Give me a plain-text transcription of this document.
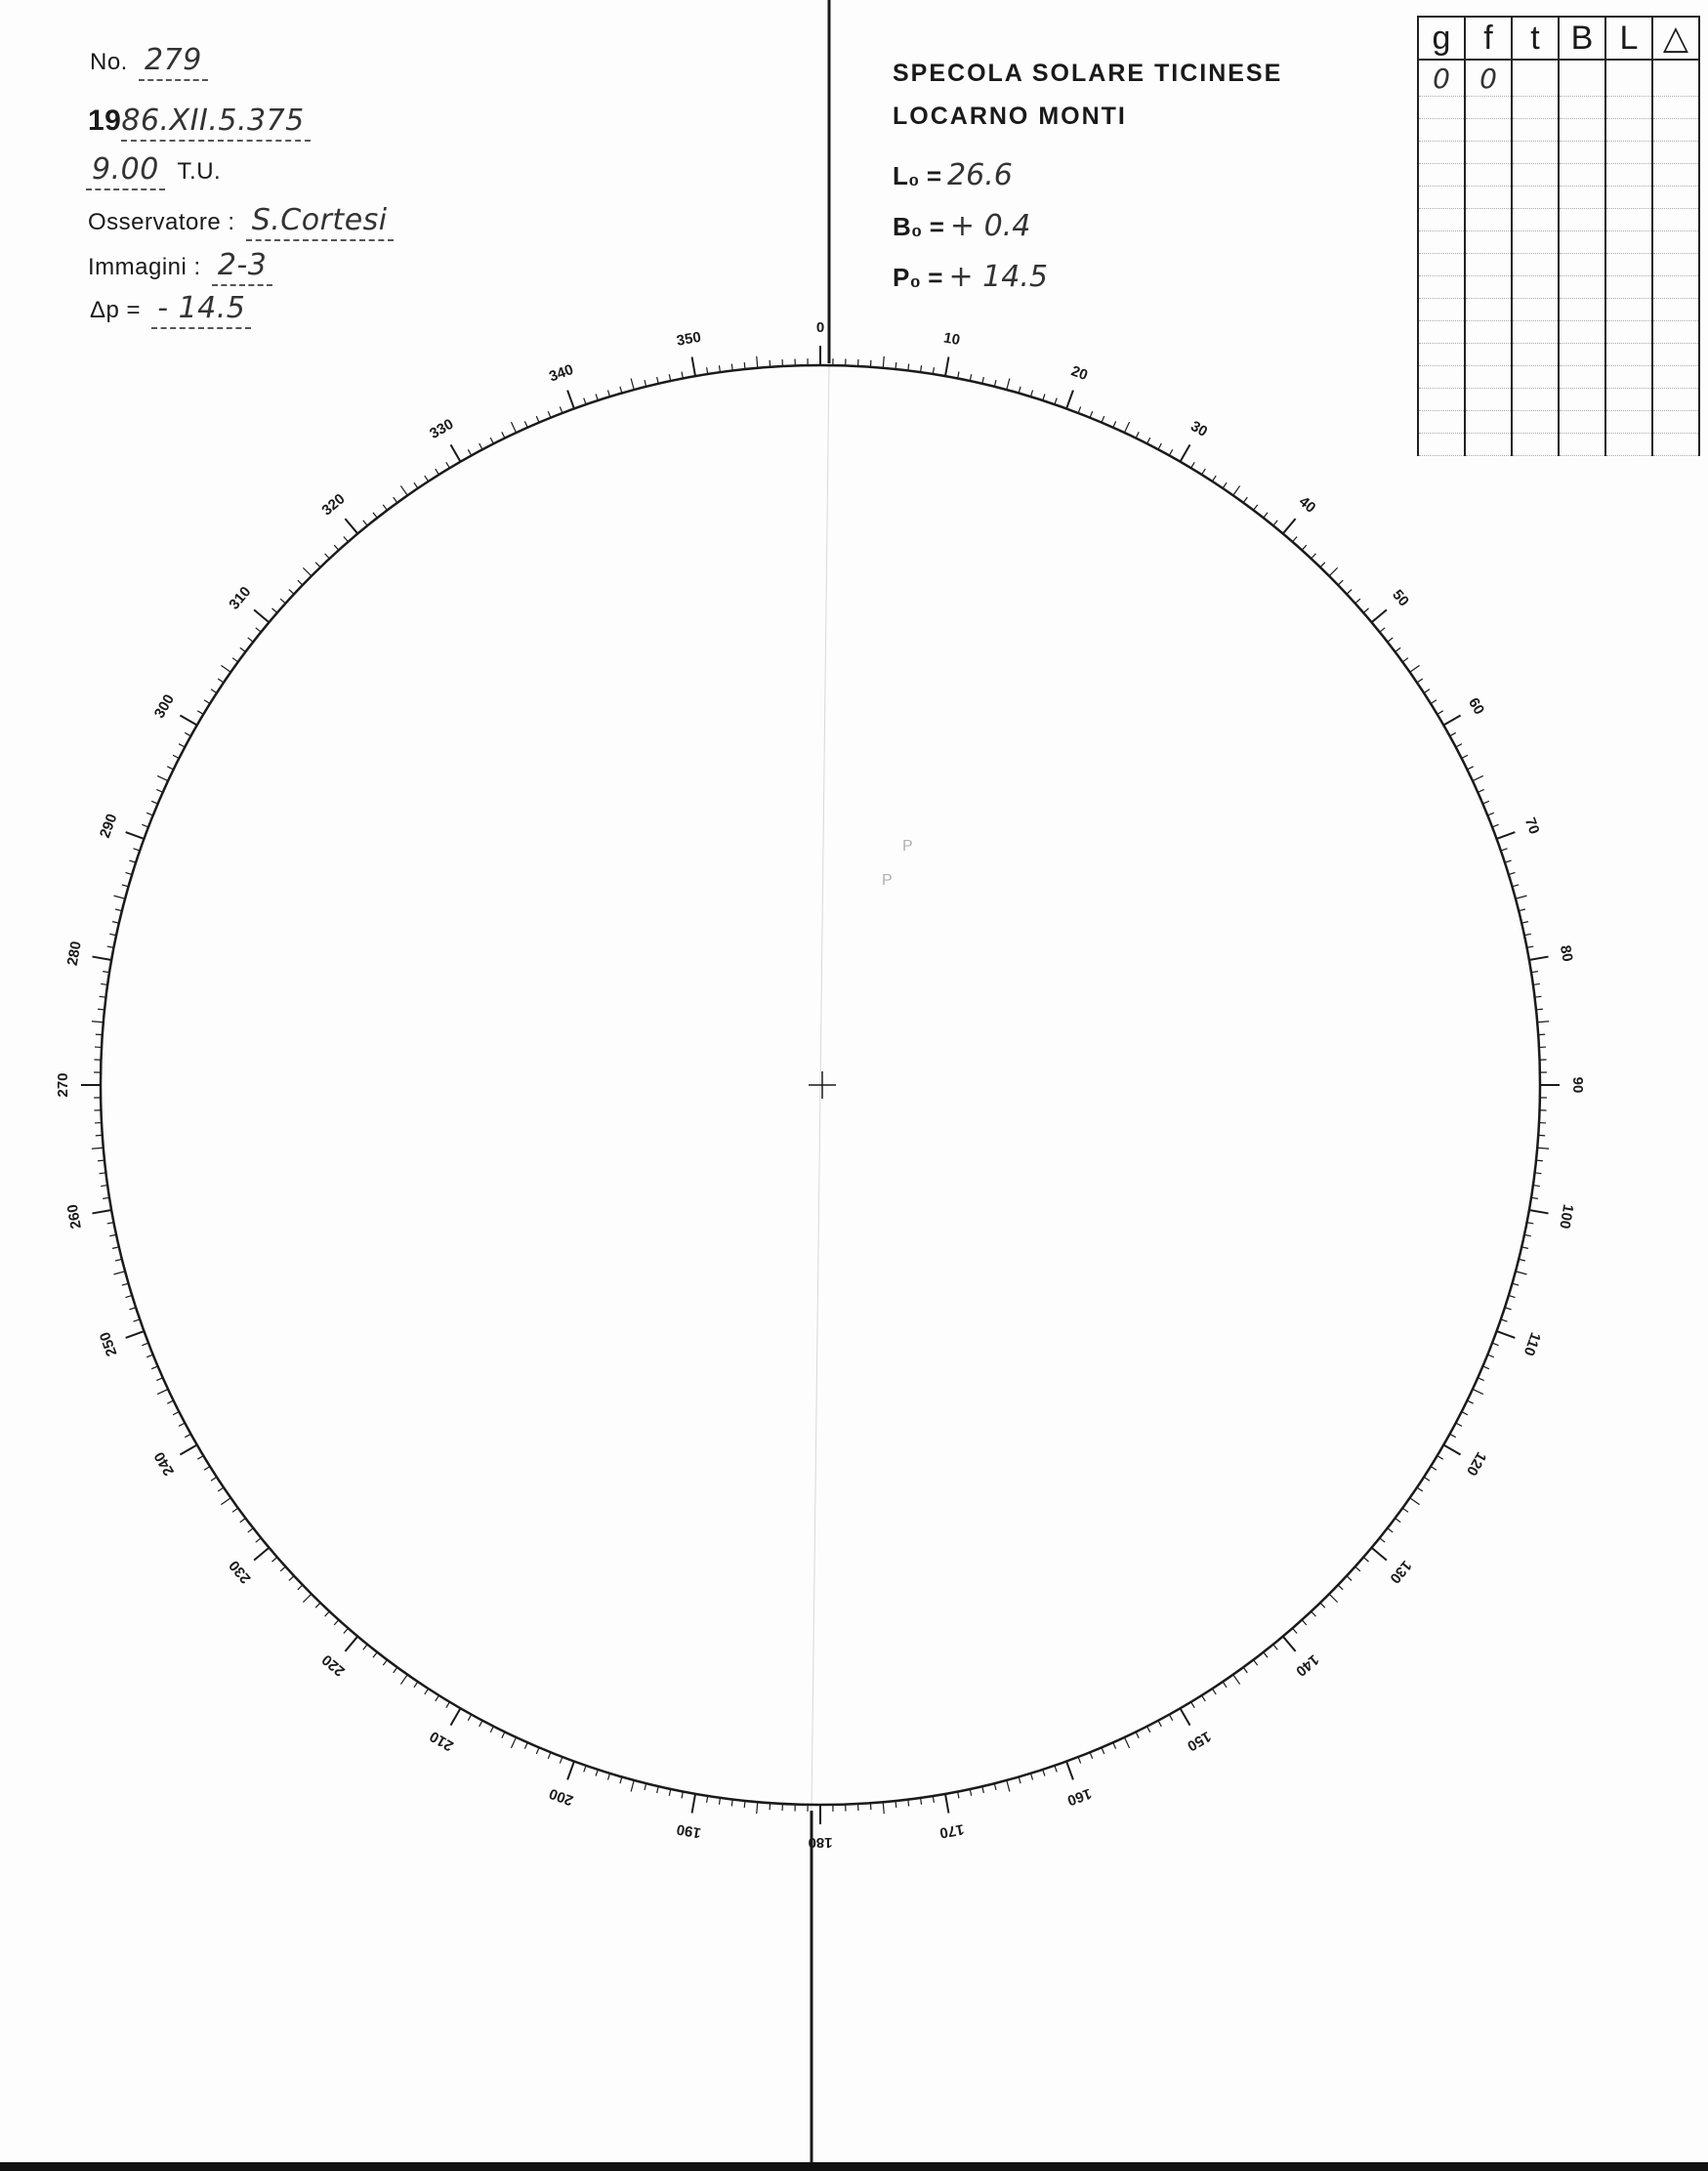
No. 279
1986.XII.5.375
9.00 T.U.
Osservatore : S.Cortesi
Immagini : 2-3
Δp = - 14.5
SPECOLA SOLARE TICINESE
LOCARNO MONTI
L₀ = 26.6
B₀ = + 0.4
P₀ = + 14.5
g	f	t	B	L	△
0	0				

0
10
20
30
40
50
60
70
80
90
100
110
120
130
140
150
160
170
180
190
200
210
220
230
240
250
260
270
280
290
300
310
320
330
340
350
P
P
